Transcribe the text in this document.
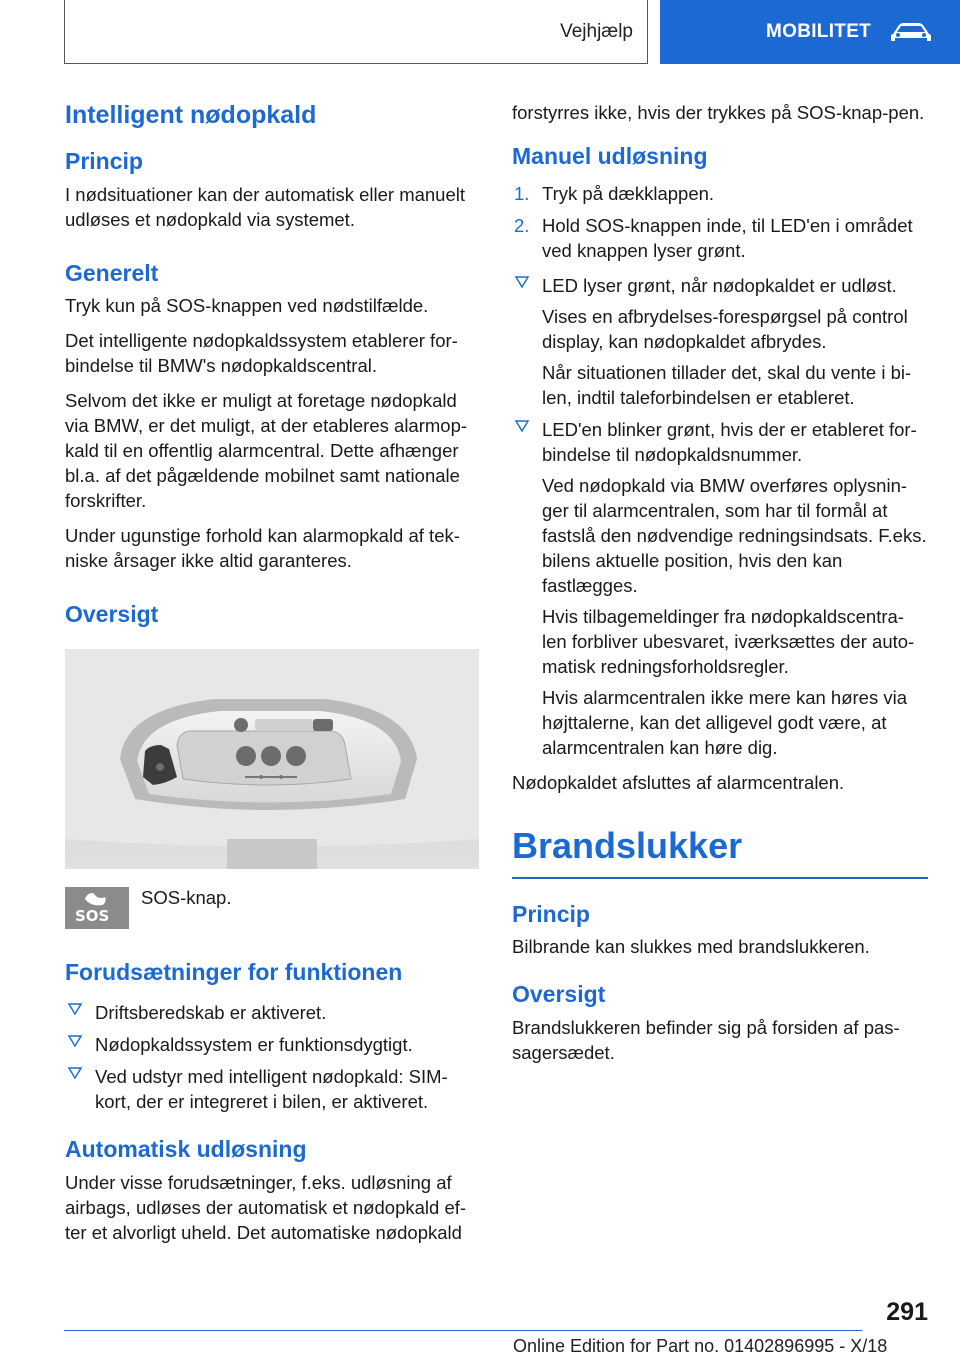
Vejhjælp	MOBILITET
Intelligent nødopkald
Princip

I nødsituationer kan der automatisk eller manuelt udløses et nødopkald via systemet.

Generelt

Tryk kun på SOS-knappen ved nødstilfælde.

Det intelligente nødopkaldssystem etablerer for-bindelse til BMW's nødopkaldscentral.

Selvom det ikke er muligt at foretage nødopkald via BMW, er det muligt, at der etableres alarmop-kald til en offentlig alarmcentral. Dette afhænger bl.a. af det pågældende mobilnet samt nationale forskrifter.

Under ugunstige forhold kan alarmopkald af tek-niske årsager ikke altid garanteres.

Oversigt
SOS

SOS-knap.

Forudsætninger for funktionen
Driftsberedskab er aktiveret.
Nødopkaldssystem er funktionsdygtigt.
Ved udstyr med intelligent nødopkald: SIM-kort, der er integreret i bilen, er aktiveret.
Automatisk udløsning

Under visse forudsætninger, f.eks. udløsning af airbags, udløses der automatisk et nødopkald ef-ter et alvorligt uheld. Det automatiske nødopkald

forstyrres ikke, hvis der trykkes på SOS-knap-pen.

Manuel udløsning
1. Tryk på dækklappen.
2. Hold SOS-knappen inde, til LED'en i området ved knappen lyser grønt.
LED lyser grønt, når nødopkaldet er udløst.
Vises en afbrydelses-forespørgsel på control display, kan nødopkaldet afbrydes.
Når situationen tillader det, skal du vente i bi-len, indtil taleforbindelsen er etableret.
LED'en blinker grønt, hvis der er etableret for-bindelse til nødopkaldsnummer.
Ved nødopkald via BMW overføres oplysnin-ger til alarmcentralen, som har til formål at fastslå den nødvendige redningsindsats. F.eks. bilens aktuelle position, hvis den kan fastlægges.
Hvis tilbagemeldinger fra nødopkaldscentra-len forbliver ubesvaret, iværksættes der auto-matisk redningsforholdsregler.
Hvis alarmcentralen ikke mere kan høres via højttalerne, kan det alligevel godt være, at alarmcentralen kan høre dig.

Nødopkaldet afsluttes af alarmcentralen.

Brandslukker
Princip

Bilbrande kan slukkes med brandslukkeren.

Oversigt

Brandslukkeren befinder sig på forsiden af pas-sagersædet.

291
Online Edition for Part no. 01402896995 - X/18
